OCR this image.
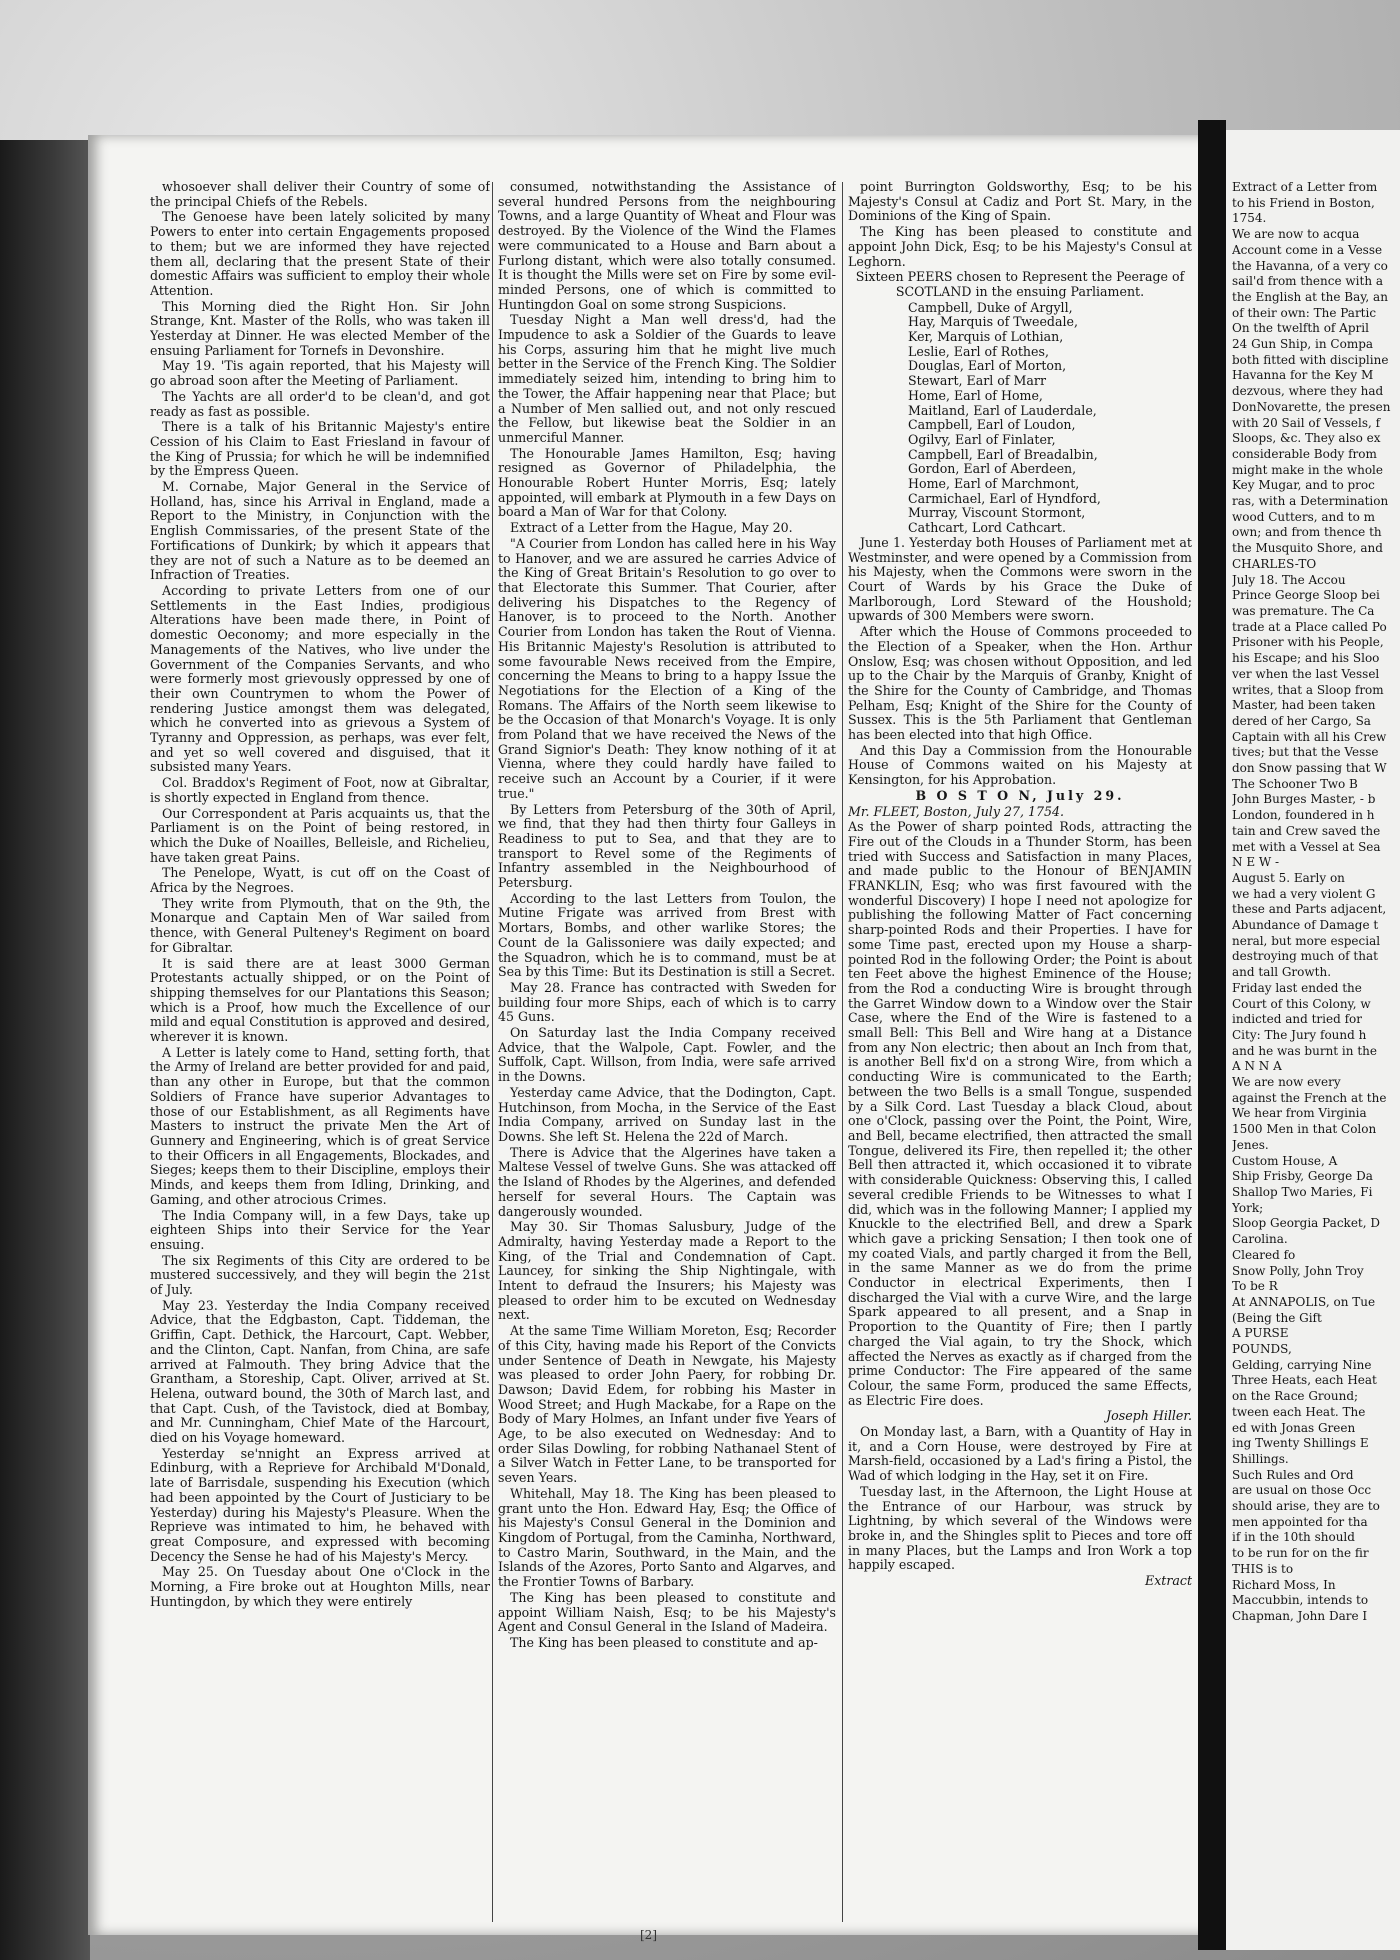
whosoever shall deliver their Country of some of the principal Chiefs of the Rebels.

The Genoese have been lately solicited by many Powers to enter into certain Engagements proposed to them; but we are informed they have rejected them all, declaring that the present State of their domestic Affairs was sufficient to employ their whole Attention.

This Morning died the Right Hon. Sir John Strange, Knt. Master of the Rolls, who was taken ill Yesterday at Dinner. He was elected Member of the ensuing Parliament for Tornefs in Devonshire.

May 19. 'Tis again reported, that his Majesty will go abroad soon after the Meeting of Parliament.

The Yachts are all order'd to be clean'd, and got ready as fast as possible.

There is a talk of his Britannic Majesty's entire Cession of his Claim to East Friesland in favour of the King of Prussia; for which he will be indemnified by the Empress Queen.

M. Cornabe, Major General in the Service of Holland, has, since his Arrival in England, made a Report to the Ministry, in Conjunction with the English Commissaries, of the present State of the Fortifications of Dunkirk; by which it appears that they are not of such a Nature as to be deemed an Infraction of Treaties.

According to private Letters from one of our Settlements in the East Indies, prodigious Alterations have been made there, in Point of domestic Oeconomy; and more especially in the Managements of the Natives, who live under the Government of the Companies Servants, and who were formerly most grievously oppressed by one of their own Countrymen to whom the Power of rendering Justice amongst them was delegated, which he converted into as grievous a System of Tyranny and Oppression, as perhaps, was ever felt, and yet so well covered and disguised, that it subsisted many Years.

Col. Braddox's Regiment of Foot, now at Gibraltar, is shortly expected in England from thence.

Our Correspondent at Paris acquaints us, that the Parliament is on the Point of being restored, in which the Duke of Noailles, Belleisle, and Richelieu, have taken great Pains.

The Penelope, Wyatt, is cut off on the Coast of Africa by the Negroes.

They write from Plymouth, that on the 9th, the Monarque and Captain Men of War sailed from thence, with General Pulteney's Regiment on board for Gibraltar.

It is said there are at least 3000 German Protestants actually shipped, or on the Point of shipping themselves for our Plantations this Season; which is a Proof, how much the Excellence of our mild and equal Constitution is approved and desired, wherever it is known.

A Letter is lately come to Hand, setting forth, that the Army of Ireland are better provided for and paid, than any other in Europe, but that the common Soldiers of France have superior Advantages to those of our Establishment, as all Regiments have Masters to instruct the private Men the Art of Gunnery and Engineering, which is of great Service to their Officers in all Engagements, Blockades, and Sieges; keeps them to their Discipline, employs their Minds, and keeps them from Idling, Drinking, and Gaming, and other atrocious Crimes.

The India Company will, in a few Days, take up eighteen Ships into their Service for the Year ensuing.

The six Regiments of this City are ordered to be mustered successively, and they will begin the 21st of July.

May 23. Yesterday the India Company received Advice, that the Edgbaston, Capt. Tiddeman, the Griffin, Capt. Dethick, the Harcourt, Capt. Webber, and the Clinton, Capt. Nanfan, from China, are safe arrived at Falmouth. They bring Advice that the Grantham, a Storeship, Capt. Oliver, arrived at St. Helena, outward bound, the 30th of March last, and that Capt. Cush, of the Tavistock, died at Bombay, and Mr. Cunningham, Chief Mate of the Harcourt, died on his Voyage homeward.

Yesterday se'nnight an Express arrived at Edinburg, with a Reprieve for Archibald M'Donald, late of Barrisdale, suspending his Execution (which had been appointed by the Court of Justiciary to be Yesterday) during his Majesty's Pleasure. When the Reprieve was intimated to him, he behaved with great Composure, and expressed with becoming Decency the Sense he had of his Majesty's Mercy.

May 25. On Tuesday about One o'Clock in the Morning, a Fire broke out at Houghton Mills, near Huntingdon, by which they were entirely

consumed, notwithstanding the Assistance of several hundred Persons from the neighbouring Towns, and a large Quantity of Wheat and Flour was destroyed. By the Violence of the Wind the Flames were communicated to a House and Barn about a Furlong distant, which were also totally consumed. It is thought the Mills were set on Fire by some evil-minded Persons, one of which is committed to Huntingdon Goal on some strong Suspicions.

Tuesday Night a Man well dress'd, had the Impudence to ask a Soldier of the Guards to leave his Corps, assuring him that he might live much better in the Service of the French King. The Soldier immediately seized him, intending to bring him to the Tower, the Affair happening near that Place; but a Number of Men sallied out, and not only rescued the Fellow, but likewise beat the Soldier in an unmerciful Manner.

The Honourable James Hamilton, Esq; having resigned as Governor of Philadelphia, the Honourable Robert Hunter Morris, Esq; lately appointed, will embark at Plymouth in a few Days on board a Man of War for that Colony.

Extract of a Letter from the Hague, May 20.

"A Courier from London has called here in his Way to Hanover, and we are assured he carries Advice of the King of Great Britain's Resolution to go over to that Electorate this Summer. That Courier, after delivering his Dispatches to the Regency of Hanover, is to proceed to the North. Another Courier from London has taken the Rout of Vienna. His Britannic Majesty's Resolution is attributed to some favourable News received from the Empire, concerning the Means to bring to a happy Issue the Negotiations for the Election of a King of the Romans. The Affairs of the North seem likewise to be the Occasion of that Monarch's Voyage. It is only from Poland that we have received the News of the Grand Signior's Death: They know nothing of it at Vienna, where they could hardly have failed to receive such an Account by a Courier, if it were true."

By Letters from Petersburg of the 30th of April, we find, that they had then thirty four Galleys in Readiness to put to Sea, and that they are to transport to Revel some of the Regiments of Infantry assembled in the Neighbourhood of Petersburg.

According to the last Letters from Toulon, the Mutine Frigate was arrived from Brest with Mortars, Bombs, and other warlike Stores; the Count de la Galissoniere was daily expected; and the Squadron, which he is to command, must be at Sea by this Time: But its Destination is still a Secret.

May 28. France has contracted with Sweden for building four more Ships, each of which is to carry 45 Guns.

On Saturday last the India Company received Advice, that the Walpole, Capt. Fowler, and the Suffolk, Capt. Willson, from India, were safe arrived in the Downs.

Yesterday came Advice, that the Dodington, Capt. Hutchinson, from Mocha, in the Service of the East India Company, arrived on Sunday last in the Downs. She left St. Helena the 22d of March.

There is Advice that the Algerines have taken a Maltese Vessel of twelve Guns. She was attacked off the Island of Rhodes by the Algerines, and defended herself for several Hours. The Captain was dangerously wounded.

May 30. Sir Thomas Salusbury, Judge of the Admiralty, having Yesterday made a Report to the King, of the Trial and Condemnation of Capt. Launcey, for sinking the Ship Nightingale, with Intent to defraud the Insurers; his Majesty was pleased to order him to be excuted on Wednesday next.

At the same Time William Moreton, Esq; Recorder of this City, having made his Report of the Convicts under Sentence of Death in Newgate, his Majesty was pleased to order John Paery, for robbing Dr. Dawson; David Edem, for robbing his Master in Wood Street; and Hugh Mackabe, for a Rape on the Body of Mary Holmes, an Infant under five Years of Age, to be also executed on Wednesday: And to order Silas Dowling, for robbing Nathanael Stent of a Silver Watch in Fetter Lane, to be transported for seven Years.

Whitehall, May 18. The King has been pleased to grant unto the Hon. Edward Hay, Esq; the Office of his Majesty's Consul General in the Dominion and Kingdom of Portugal, from the Caminha, Northward, to Castro Marin, Southward, in the Main, and the Islands of the Azores, Porto Santo and Algarves, and the Frontier Towns of Barbary.

The King has been pleased to constitute and appoint William Naish, Esq; to be his Majesty's Agent and Consul General in the Island of Madeira.

The King has been pleased to constitute and ap-

point Burrington Goldsworthy, Esq; to be his Majesty's Consul at Cadiz and Port St. Mary, in the Dominions of the King of Spain.

The King has been pleased to constitute and appoint John Dick, Esq; to be his Majesty's Consul at Leghorn.

Sixteen PEERS chosen to Represent the Peerage of SCOTLAND in the ensuing Parliament.

Campbell, Duke of Argyll,

Hay, Marquis of Tweedale,

Ker, Marquis of Lothian,

Leslie, Earl of Rothes,

Douglas, Earl of Morton,

Stewart, Earl of Marr

Home, Earl of Home,

Maitland, Earl of Lauderdale,

Campbell, Earl of Loudon,

Ogilvy, Earl of Finlater,

Campbell, Earl of Breadalbin,

Gordon, Earl of Aberdeen,

Home, Earl of Marchmont,

Carmichael, Earl of Hyndford,

Murray, Viscount Stormont,

Cathcart, Lord Cathcart.

June 1. Yesterday both Houses of Parliament met at Westminster, and were opened by a Commission from his Majesty, when the Commons were sworn in the Court of Wards by his Grace the Duke of Marlborough, Lord Steward of the Houshold; upwards of 300 Members were sworn.

After which the House of Commons proceeded to the Election of a Speaker, when the Hon. Arthur Onslow, Esq; was chosen without Opposition, and led up to the Chair by the Marquis of Granby, Knight of the Shire for the County of Cambridge, and Thomas Pelham, Esq; Knight of the Shire for the County of Sussex. This is the 5th Parliament that Gentleman has been elected into that high Office.

And this Day a Commission from the Honourable House of Commons waited on his Majesty at Kensington, for his Approbation.

B O S T O N, July 29.

Mr. FLEET, Boston, July 27, 1754.

As the Power of sharp pointed Rods, attracting the Fire out of the Clouds in a Thunder Storm, has been tried with Success and Satisfaction in many Places, and made public to the Honour of BENJAMIN FRANKLIN, Esq; who was first favoured with the wonderful Discovery) I hope I need not apologize for publishing the following Matter of Fact concerning sharp-pointed Rods and their Properties. I have for some Time past, erected upon my House a sharp-pointed Rod in the following Order; the Point is about ten Feet above the highest Eminence of the House; from the Rod a conducting Wire is brought through the Garret Window down to a Window over the Stair Case, where the End of the Wire is fastened to a small Bell: This Bell and Wire hang at a Distance from any Non electric; then about an Inch from that, is another Bell fix'd on a strong Wire, from which a conducting Wire is communicated to the Earth; between the two Bells is a small Tongue, suspended by a Silk Cord. Last Tuesday a black Cloud, about one o'Clock, passing over the Point, the Point, Wire, and Bell, became electrified, then attracted the small Tongue, delivered its Fire, then repelled it; the other Bell then attracted it, which occasioned it to vibrate with considerable Quickness: Observing this, I called several credible Friends to be Witnesses to what I did, which was in the following Manner; I applied my Knuckle to the electrified Bell, and drew a Spark which gave a pricking Sensation; I then took one of my coated Vials, and partly charged it from the Bell, in the same Manner as we do from the prime Conductor in electrical Experiments, then I discharged the Vial with a curve Wire, and the large Spark appeared to all present, and a Snap in Proportion to the Quantity of Fire; then I partly charged the Vial again, to try the Shock, which affected the Nerves as exactly as if charged from the prime Conductor: The Fire appeared of the same Colour, the same Form, produced the same Effects, as Electric Fire does.

Joseph Hiller.

On Monday last, a Barn, with a Quantity of Hay in it, and a Corn House, were destroyed by Fire at Marsh-field, occasioned by a Lad's firing a Pistol, the Wad of which lodging in the Hay, set it on Fire.

Tuesday last, in the Afternoon, the Light House at the Entrance of our Harbour, was struck by Lightning, by which several of the Windows were broke in, and the Shingles split to Pieces and tore off in many Places, but the Lamps and Iron Work a top happily escaped.

Extract

Extract of a Letter from

to his Friend in Boston,

1754.

We are now to acqua

Account come in a Vesse

the Havanna, of a very co

sail'd from thence with a

the English at the Bay, an

of their own: The Partic

On the twelfth of April

24 Gun Ship, in Compa

both fitted with discipline

Havanna for the Key M

dezvous, where they had

DonNovarette, the presen

with 20 Sail of Vessels, f

Sloops, &c. They also ex

considerable Body from

might make in the whole

Key Mugar, and to proc

ras, with a Determination

wood Cutters, and to m

own; and from thence th

the Musquito Shore, and

CHARLES-TO

July 18. The Accou

Prince George Sloop bei

was premature. The Ca

trade at a Place called Po

Prisoner with his People,

his Escape; and his Sloo

ver when the last Vessel

writes, that a Sloop from

Master, had been taken

dered of her Cargo, Sa

Captain with all his Crew

tives; but that the Vesse

don Snow passing that W

The Schooner Two B

John Burges Master, - b

London, foundered in h

tain and Crew saved the

met with a Vessel at Sea

N E W -

August 5. Early on

we had a very violent G

these and Parts adjacent,

Abundance of Damage t

neral, but more especial

destroying much of that

and tall Growth.

Friday last ended the

Court of this Colony, w

indicted and tried for

City: The Jury found h

and he was burnt in the

A N N A

We are now every

against the French at the

We hear from Virginia

1500 Men in that Colon

Jenes.

Custom House, A

Ship Frisby, George Da

Shallop Two Maries, Fi

York;

Sloop Georgia Packet, D

Carolina.

Cleared fo

Snow Polly, John Troy

To be R

At ANNAPOLIS, on Tue

(Being the Gift

A PURSE

POUNDS,

Gelding, carrying Nine

Three Heats, each Heat

on the Race Ground;

tween each Heat. The

ed with Jonas Green

ing Twenty Shillings E

Shillings.

Such Rules and Ord

are usual on those Occ

should arise, they are to

men appointed for tha

if in the 10th should

to be run for on the fir

THIS is to

Richard Moss, In

Maccubbin, intends to

Chapman, John Dare I

[2]
